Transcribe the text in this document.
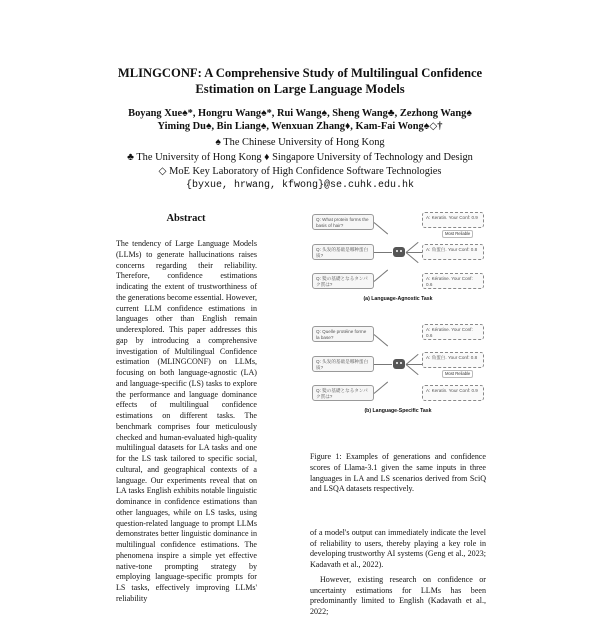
MLINGCONF: A Comprehensive Study of Multilingual Confidence
Estimation on Large Language Models
Boyang Xue♠*, Hongru Wang♠*, Rui Wang♠, Sheng Wang♣, Zezhong Wang♠
Yiming Du♠, Bin Liang♠, Wenxuan Zhang♦, Kam-Fai Wong♠◇†
♠ The Chinese University of Hong Kong
♣ The University of Hong Kong ♦ Singapore University of Technology and Design
◇ MoE Key Laboratory of High Confidence Software Technologies
{byxue, hrwang, kfwong}@se.cuhk.edu.hk
Abstract

The tendency of Large Language Models (LLMs) to generate hallucinations raises concerns regarding their reliability. Therefore, confidence estimations indicating the extent of trustworthiness of the generations become essential. However, current LLM confidence estimations in languages other than English remain underexplored. This paper addresses this gap by introducing a comprehensive investigation of Multilingual Confidence estimation (MLINGCONF) on LLMs, focusing on both language-agnostic (LA) and language-specific (LS) tasks to explore the performance and language dominance effects of multilingual confidence estimations on different tasks. The benchmark comprises four meticulously checked and human-evaluated high-quality multilingual datasets for LA tasks and one for the LS task tailored to specific social, cultural, and geographical contexts of a language. Our experiments reveal that on LA tasks English exhibits notable linguistic dominance in confidence estimations than other languages, while on LS tasks, using question-related language to prompt LLMs demonstrates better linguistic dominance in multilingual confidence estimations. The phenomena inspire a simple yet effective native-tone prompting strategy by employing language-specific prompts for LS tasks, effectively improving LLMs' reliability

Q: What protein forms the basis of hair?
Q: 头发的基础是哪种蛋白质?
Q: 髪の基礎となるタンパク質は?
A: Keratin. Your Conf: 0.9
Most Reliable
A: 角蛋白. Your Conf: 0.8
A: Kératine. Your Conf: 0.6
(a) Language-Agnostic Task
Q: Quelle protéine forme la base?
Q: 头发的基础是哪种蛋白质?
Q: 髪の基礎となるタンパク質は?
A: Kératine. Your Conf: 0.6
A: 角蛋白. Your Conf: 0.8
Most Reliable
A: Keratin. Your Conf: 0.9
(b) Language-Specific Task
Figure 1: Examples of generations and confidence scores of Llama-3.1 given the same inputs in three languages in LA and LS scenarios derived from SciQ and LSQA datasets respectively.

of a model's output can immediately indicate the level of reliability to users, thereby playing a key role in developing trustworthy AI systems (Geng et al., 2023; Kadavath et al., 2022).

However, existing research on confidence or uncertainty estimations for LLMs has been predominantly limited to English (Kadavath et al., 2022;
